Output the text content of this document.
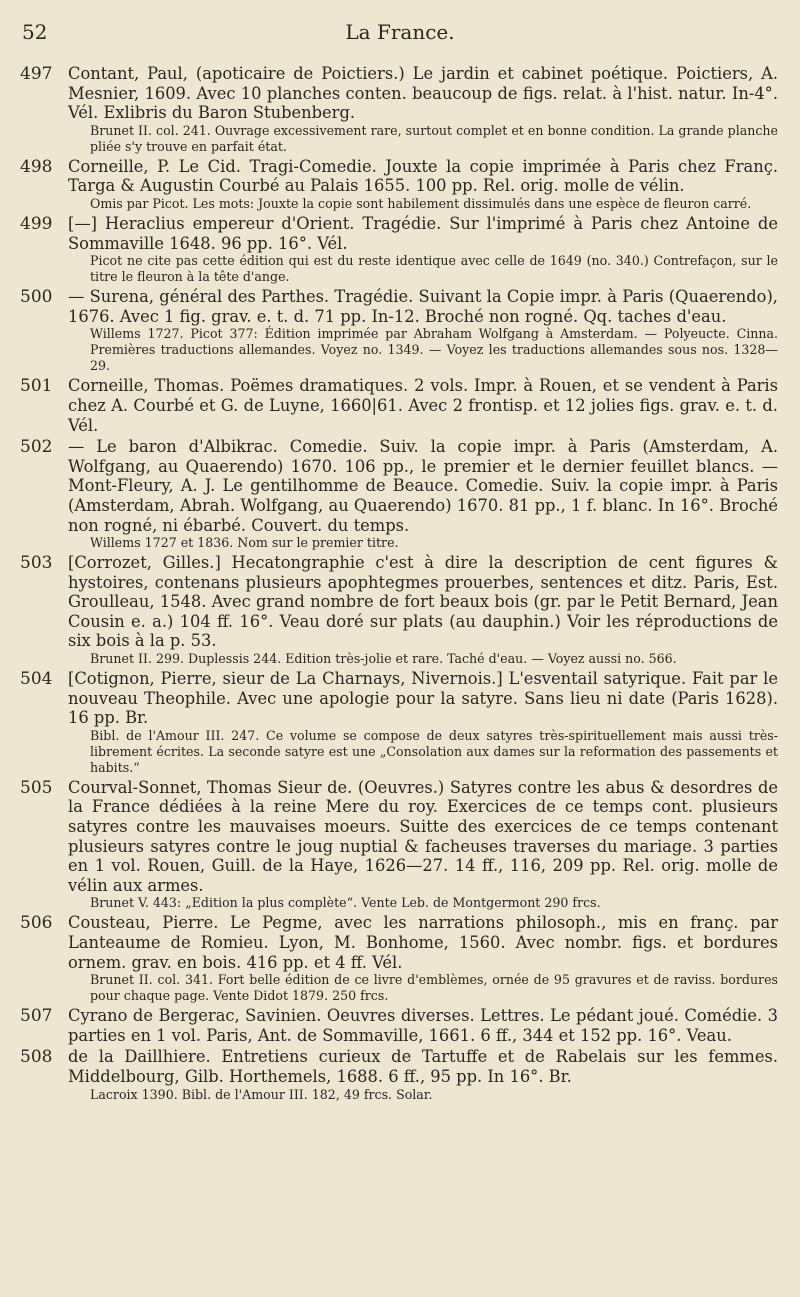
52	La France.
497 Contant, Paul, (apoticaire de Poictiers.) Le jardin et cabinet poétique. Poictiers, A. Mesnier, 1609. Avec 10 planches conten. beaucoup de figs. relat. à l'hist. natur. In-4°. Vél. Exlibris du Baron Stubenberg.

Brunet II. col. 241. Ouvrage excessivement rare, surtout complet et en bonne condition. La grande planche pliée s'y trouve en parfait état.

498 Corneille, P. Le Cid. Tragi-Comedie. Jouxte la copie imprimée à Paris chez Franç. Targa & Augustin Courbé au Palais 1655. 100 pp. Rel. orig. molle de vélin.

Omis par Picot. Les mots: Jouxte la copie sont habilement dissimulés dans une espèce de fleuron carré.

499 [—] Heraclius empereur d'Orient. Tragédie. Sur l'imprimé à Paris chez Antoine de Sommaville 1648. 96 pp. 16°. Vél.

Picot ne cite pas cette édition qui est du reste identique avec celle de 1649 (no. 340.) Contrefaçon, sur le titre le fleuron à la tête d'ange.

500 — Surena, général des Parthes. Tragédie. Suivant la Copie impr. à Paris (Quaerendo), 1676. Avec 1 fig. grav. e. t. d. 71 pp. In-12. Broché non rogné. Qq. taches d'eau.

Willems 1727. Picot 377: Édition imprimée par Abraham Wolfgang à Amsterdam. — Polyeucte. Cinna. Premières traductions allemandes. Voyez no. 1349. — Voyez les traductions allemandes sous nos. 1328—29.

501 Corneille, Thomas. Poëmes dramatiques. 2 vols. Impr. à Rouen, et se vendent à Paris chez A. Courbé et G. de Luyne, 1660|61. Avec 2 frontisp. et 12 jolies figs. grav. e. t. d. Vél.

502 — Le baron d'Albikrac. Comedie. Suiv. la copie impr. à Paris (Amsterdam, A. Wolfgang, au Quaerendo) 1670. 106 pp., le premier et le dernier feuillet blancs. — Mont-Fleury, A. J. Le gentilhomme de Beauce. Comedie. Suiv. la copie impr. à Paris (Amsterdam, Abrah. Wolfgang, au Quaerendo) 1670. 81 pp., 1 f. blanc. In 16°. Broché non rogné, ni ébarbé. Couvert. du temps.

Willems 1727 et 1836. Nom sur le premier titre.

503 [Corrozet, Gilles.] Hecatongraphie c'est à dire la description de cent figures & hystoires, contenans plusieurs apophtegmes prouerbes, sentences et ditz. Paris, Est. Groulleau, 1548. Avec grand nombre de fort beaux bois (gr. par le Petit Bernard, Jean Cousin e. a.) 104 ff. 16°. Veau doré sur plats (au dauphin.) Voir les réproductions de six bois à la p. 53.

Brunet II. 299. Duplessis 244. Edition très-jolie et rare. Taché d'eau. — Voyez aussi no. 566.

504 [Cotignon, Pierre, sieur de La Charnays, Nivernois.] L'esventail satyrique. Fait par le nouveau Theophile. Avec une apologie pour la satyre. Sans lieu ni date (Paris 1628). 16 pp. Br.

Bibl. de l'Amour III. 247. Ce volume se compose de deux satyres très-spirituellement mais aussi très-librement écrites. La seconde satyre est une „Consolation aux dames sur la reformation des passements et habits.“

505 Courval-Sonnet, Thomas Sieur de. (Oeuvres.) Satyres contre les abus & desordres de la France dédiées à la reine Mere du roy. Exercices de ce temps cont. plusieurs satyres contre les mauvaises moeurs. Suitte des exercices de ce temps contenant plusieurs satyres contre le joug nuptial & facheuses traverses du mariage. 3 parties en 1 vol. Rouen, Guill. de la Haye, 1626—27. 14 ff., 116, 209 pp. Rel. orig. molle de vélin aux armes.

Brunet V. 443: „Edition la plus complète“. Vente Leb. de Montgermont 290 frcs.

506 Cousteau, Pierre. Le Pegme, avec les narrations philosoph., mis en franç. par Lanteaume de Romieu. Lyon, M. Bonhome, 1560. Avec nombr. figs. et bordures ornem. grav. en bois. 416 pp. et 4 ff. Vél.

Brunet II. col. 341. Fort belle édition de ce livre d'emblèmes, ornée de 95 gravures et de raviss. bordures pour chaque page. Vente Didot 1879. 250 frcs.

507 Cyrano de Bergerac, Savinien. Oeuvres diverses. Lettres. Le pédant joué. Comédie. 3 parties en 1 vol. Paris, Ant. de Sommaville, 1661. 6 ff., 344 et 152 pp. 16°. Veau.

508 de la Daillhiere. Entretiens curieux de Tartuffe et de Rabelais sur les femmes. Middelbourg, Gilb. Horthemels, 1688. 6 ff., 95 pp. In 16°. Br.

Lacroix 1390. Bibl. de l'Amour III. 182, 49 frcs. Solar.
